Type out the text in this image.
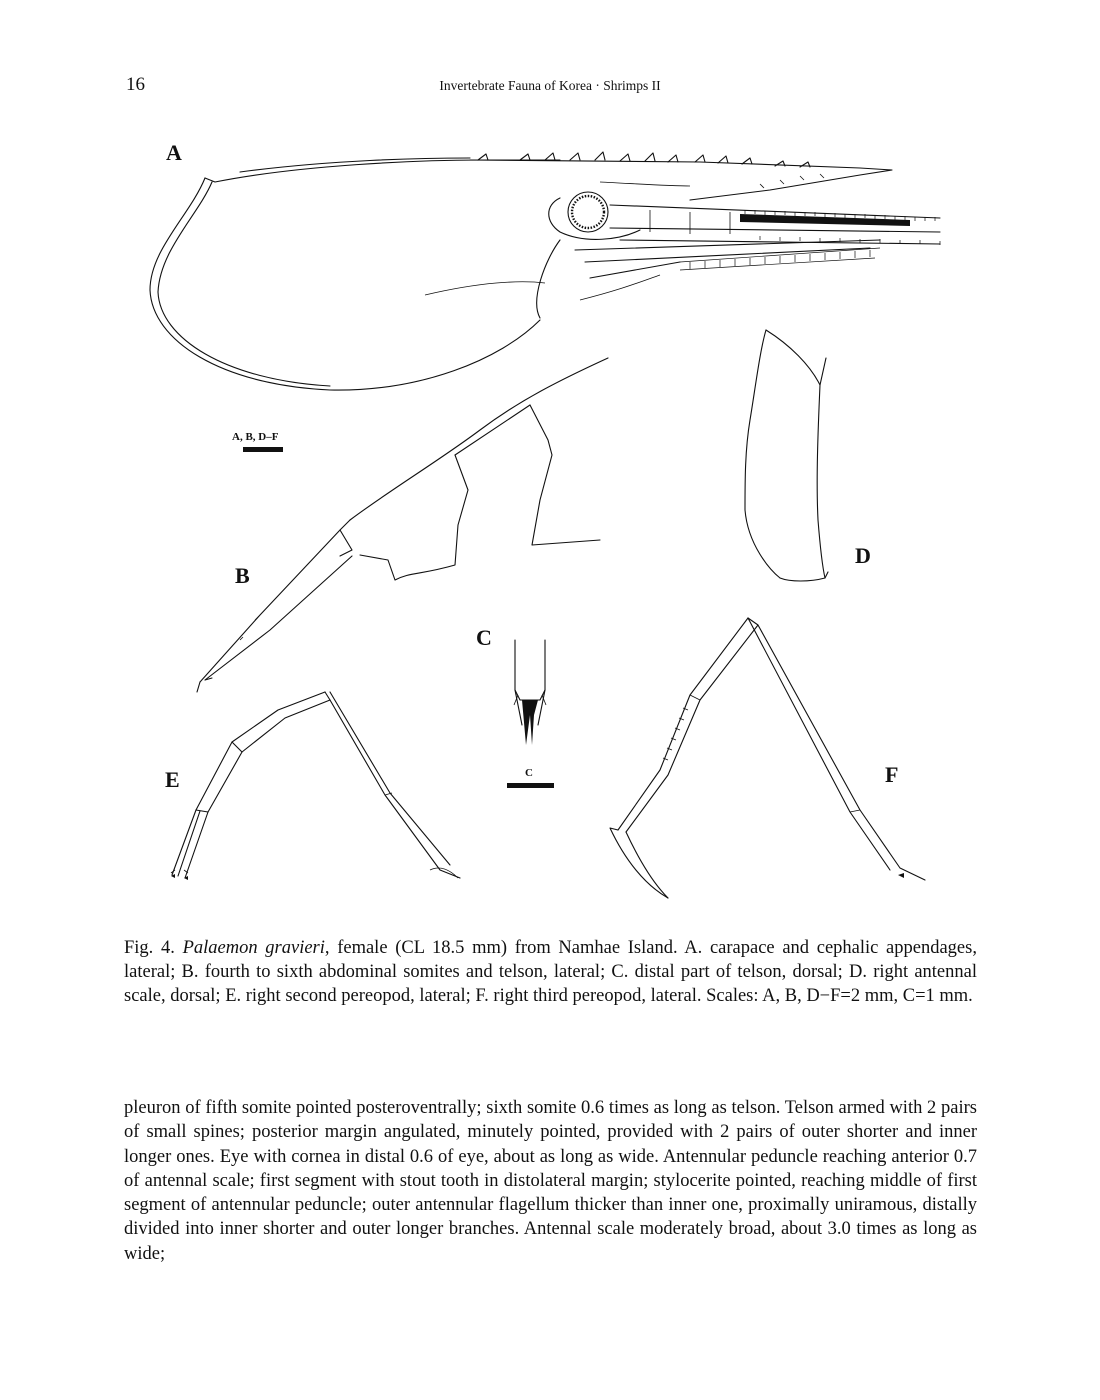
16	Invertebrate Fauna of Korea · Shrimps II
A
A, B, D–F
B
C
C
D
E	F
Fig. 4. Palaemon gravieri, female (CL 18.5 mm) from Namhae Island. A. carapace and cephalic appendages, lateral; B. fourth to sixth abdominal somites and telson, lateral; C. distal part of telson, dorsal; D. right antennal scale, dorsal; E. right second pereopod, lateral; F. right third pereopod, lateral. Scales: A, B, D−F=2 mm, C=1 mm.
pleuron of fifth somite pointed posteroventrally; sixth somite 0.6 times as long as telson. Telson armed with 2 pairs of small spines; posterior margin angulated, minutely pointed, provided with 2 pairs of outer shorter and inner longer ones. Eye with cornea in distal 0.6 of eye, about as long as wide. Antennular peduncle reaching anterior 0.7 of antennal scale; first segment with stout tooth in distolateral margin; stylocerite pointed, reaching middle of first segment of antennular peduncle; outer antennular flagellum thicker than inner one, proximally uniramous, distally divided into inner shorter and outer longer branches. Antennal scale moderately broad, about 3.0 times as long as wide;
